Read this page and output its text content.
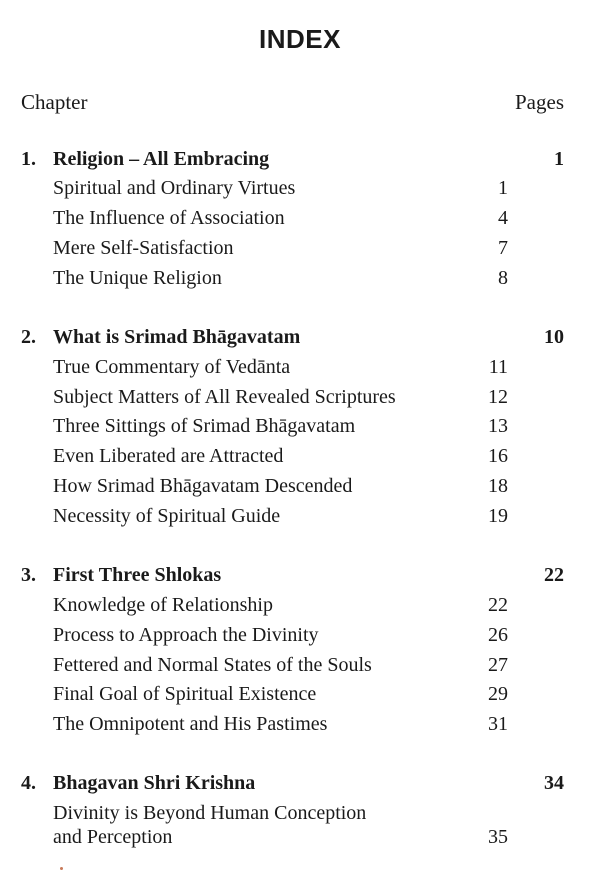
INDEX
Chapter	Pages
1. Religion – All Embracing	1
Spiritual and Ordinary Virtues	1
The Influence of Association	4
Mere Self-Satisfaction	7
The Unique Religion	8
2. What is Srimad Bhāgavatam	10
True Commentary of Vedānta	11
Subject Matters of All Revealed Scriptures	12
Three Sittings of Srimad Bhāgavatam	13
Even Liberated are Attracted	16
How Srimad Bhāgavatam Descended	18
Necessity of Spiritual Guide	19
3. First Three Shlokas	22
Knowledge of Relationship	22
Process to Approach the Divinity	26
Fettered and Normal States of the Souls	27
Final Goal of Spiritual Existence	29
The Omnipotent and His Pastimes	31
4. Bhagavan Shri Krishna	34
Divinity is Beyond Human Conception
and Perception	35
